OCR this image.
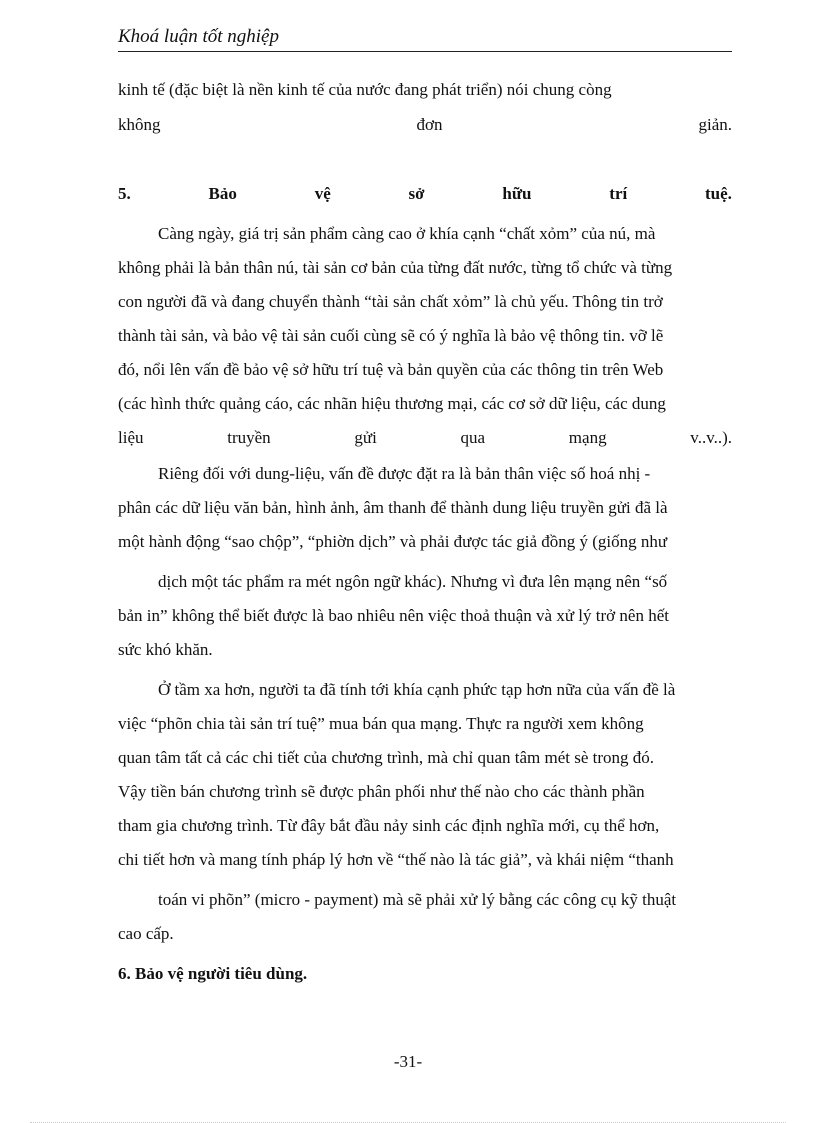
Khoá luận tốt nghiệp
kinh tế (đặc biệt là nền kinh tế của nước đang phát triển) nói chung còng
không	đơn	giản.
5.	Bảo	vệ	sở	hữu	trí	tuệ.
Càng ngày, giá trị sản phẩm càng cao ở khía cạnh “chất xỏm” của nú, mà
không phải là bản thân nú, tài sản cơ bản của từng đất nước, từng tổ chức và từng
con người đã và đang chuyển thành “tài sản chất xỏm” là chủ yếu. Thông tin trở
thành tài sản, và bảo vệ tài sản cuối cùng sẽ có ý nghĩa là bảo vệ thông tin. vỡ lẽ
đó, nổi lên vấn đề bảo vệ sở hữu trí tuệ và bản quyền của các thông tin trên Web
(các hình thức quảng cáo, các nhãn hiệu thương mại, các cơ sở dữ liệu, các dung
liệu	truyền	gửi	qua	mạng	v..v..).
Riêng đối với dung-liệu, vấn đề được đặt ra là bản thân việc số hoá nhị -
phân các dữ liệu văn bản, hình ảnh, âm thanh để thành dung liệu truyền gửi đã là
một hành động “sao chộp”, “phiờn dịch” và phải được tác giả đồng ý (giống như
dịch một tác phẩm ra mét ngôn ngữ khác). Nhưng vì đưa lên mạng nên “số
bản in” không thể biết được là bao nhiêu nên việc thoả thuận và xử lý trở nên hết
sức khó khăn.
Ở tầm xa hơn, người ta đã tính tới khía cạnh phức tạp hơn nữa của vấn đề là
việc “phõn chia tài sản trí tuệ” mua bán qua mạng. Thực ra người xem không
quan tâm tất cả các chi tiết của chương trình, mà chỉ quan tâm mét sè trong đó.
Vậy tiền bán chương trình sẽ được phân phối như thế nào cho các thành phần
tham gia chương trình. Từ đây bắt đầu nảy sinh các định nghĩa mới, cụ thể hơn,
chi tiết hơn và mang tính pháp lý hơn về “thế nào là tác giả”, và khái niệm “thanh
toán vi phõn” (micro - payment) mà sẽ phải xử lý bằng các công cụ kỹ thuật
cao cấp.
6. Bảo vệ người tiêu dùng.
-31-
